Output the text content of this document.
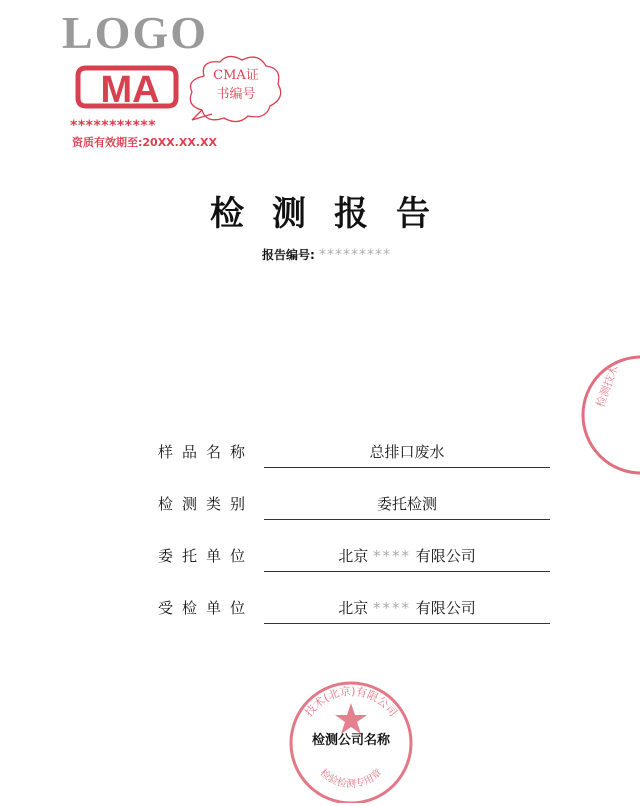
LOGO
MA
***********
资质有效期至:20XX.XX.XX
CMA证
书编号
检测报告
报告编号: *********
样品名称	总排口废水
检测类别	委托检测
委托单位	北京 **** 有限公司
受检单位	北京 **** 有限公司
检测技术
技术(北京)有限公司
检验检测专用章
检测公司名称
